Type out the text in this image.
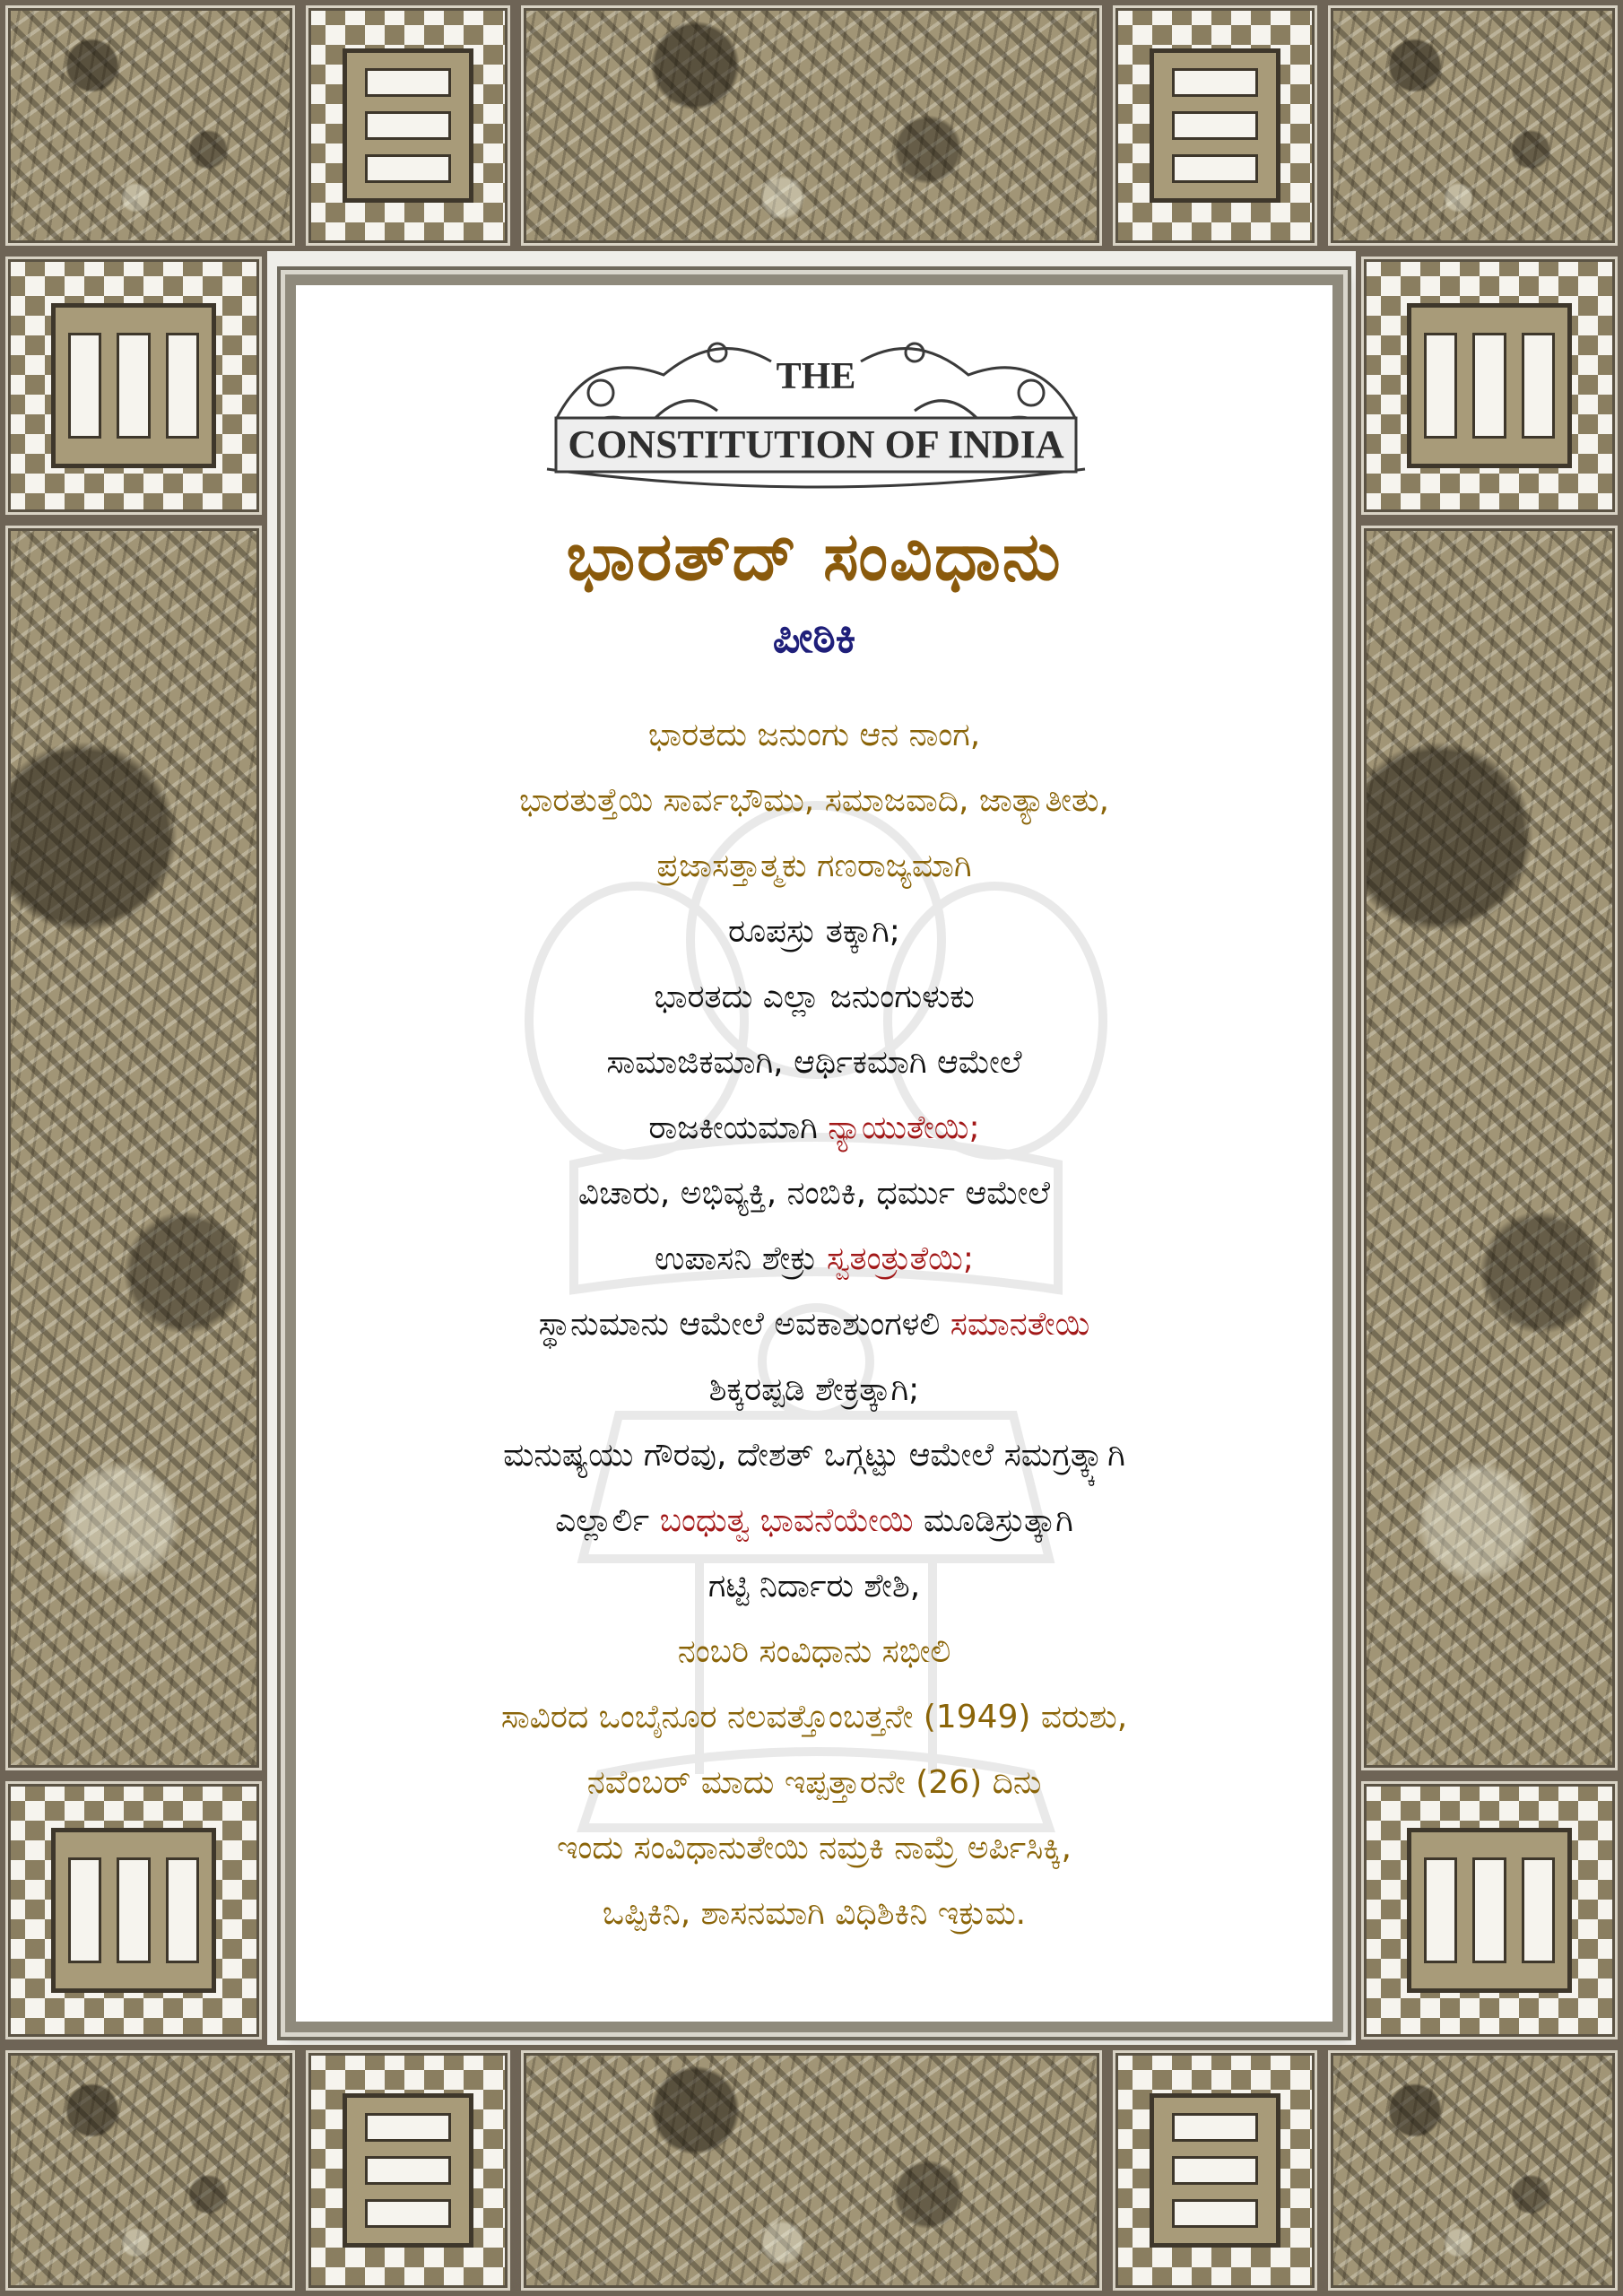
THE
CONSTITUTION OF INDIA
ಭಾರತ್‌ದ್ ಸಂವಿಧಾನು
ಪೀಠಿಕಿ
ಭಾರತದು ಜನುಂಗು ಆನ ನಾಂಗ,
ಭಾರತುತ್ತೆಯಿ ಸಾರ್ವಭೌಮು, ಸಮಾಜವಾದಿ, ಜಾತ್ಯಾತೀತು,
ಪ್ರಜಾಸತ್ತಾತ್ಮಕು ಗಣರಾಜ್ಯಮಾಗಿ
ರೂಪಸ್ರು ತಕ್ಕಾಗಿ;
ಭಾರತದು ಎಲ್ಲಾ ಜನುಂಗುಳುಕು
ಸಾಮಾಜಿಕಮಾಗಿ, ಆರ್ಥಿಕಮಾಗಿ ಆಮೇಲೆ
ರಾಜಕೀಯಮಾಗಿ ನ್ಯಾಯುತೇಯಿ;
ವಿಚಾರು, ಅಭಿವ್ಯಕ್ತಿ, ನಂಬಿಕಿ, ಧರ್ಮು ಆಮೇಲೆ
ಉಪಾಸನಿ ಶೇಕ್ರು ಸ್ವತಂತ್ರುತೆಯಿ;
ಸ್ಥಾನುಮಾನು ಆಮೇಲೆ ಅವಕಾಶುಂಗಳಲಿ ಸಮಾನತೇಯಿ
ಶಿಕ್ಕರಪ್ಪಡಿ ಶೇಕ್ರತ್ಕಾಗಿ;
ಮನುಷ್ಯಯು ಗೌರವು, ದೇಶತ್ ಒಗ್ಗಟ್ಟು ಆಮೇಲೆ ಸಮಗ್ರತ್ಕ್ಕಾಗಿ
ಎಲ್ಲಾರ್ಲಿ ಬಂಧುತ್ವ ಭಾವನೆಯೇಯಿ ಮೂಡಿಸ್ರುತ್ಕಾಗಿ
ಗಟ್ಟಿ ನಿರ್ದಾರು ಶೇಶಿ,
ನಂಬರಿ ಸಂವಿಧಾನು ಸಭೀಲಿ
ಸಾವಿರದ ಒಂಬೈನೂರ ನಲವತ್ತೊಂಬತ್ತನೇ (1949) ವರುಶು,
ನವೆಂಬರ್ ಮಾದು ಇಪ್ಪತ್ತಾರನೇ (26) ದಿನು
ಇಂದು ಸಂವಿಧಾನುತೇಯಿ ನಮ್ರಕಿ ನಾಮ್ರೆ ಅರ್ಪಿಸಿಕ್ಕಿ,
ಒಪ್ಪಿಕಿನಿ, ಶಾಸನಮಾಗಿ ವಿಧಿಶಿಕಿನಿ ಇಕ್ರುಮ.
